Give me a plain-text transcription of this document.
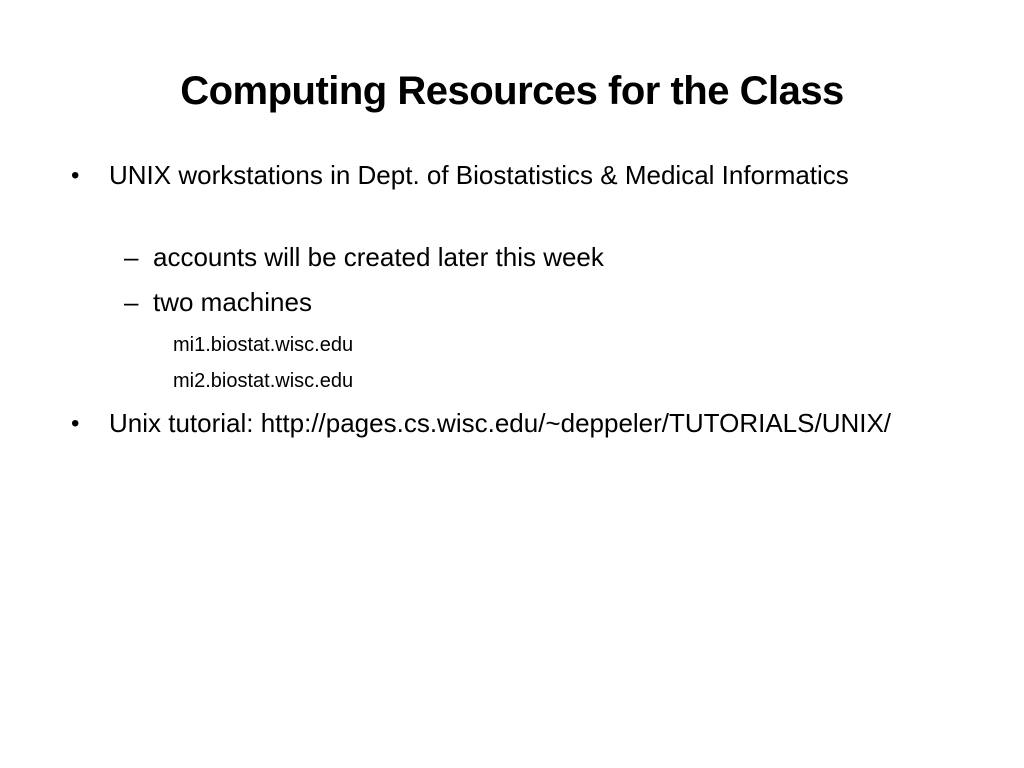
Computing Resources for the Class
• UNIX workstations in Dept. of Biostatistics & Medical Informatics
– accounts will be created later this week
– two machines
mi1.biostat.wisc.edu
mi2.biostat.wisc.edu
• Unix tutorial: http://pages.cs.wisc.edu/~deppeler/TUTORIALS/UNIX/
